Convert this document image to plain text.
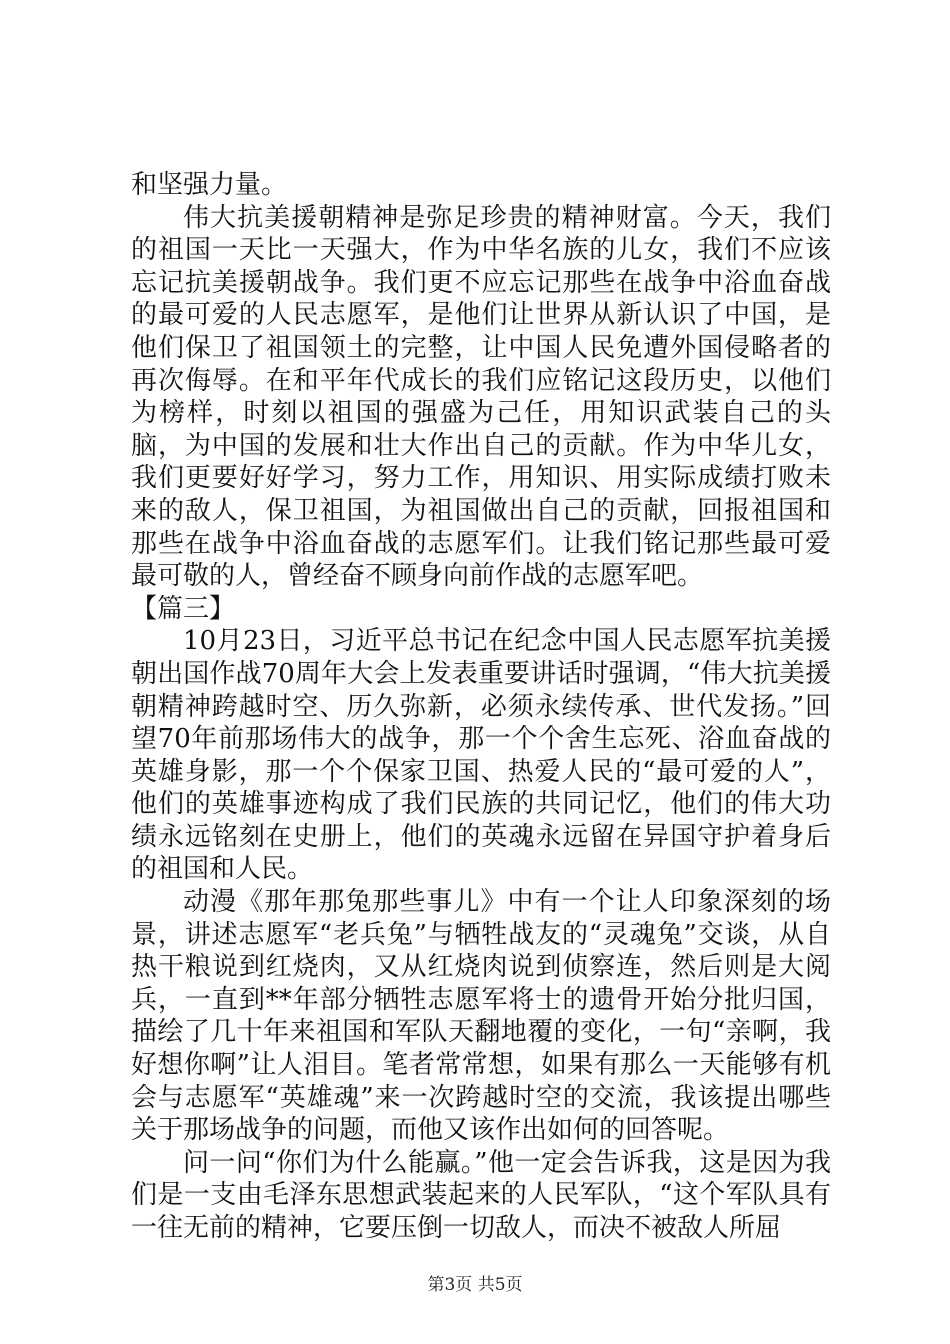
和坚强力量。

伟大抗美援朝精神是弥足珍贵的精神财富。今天，我们的祖国一天比一天强大，作为中华名族的儿女，我们不应该忘记抗美援朝战争。我们更不应忘记那些在战争中浴血奋战的最可爱的人民志愿军，是他们让世界从新认识了中国，是他们保卫了祖国领土的完整，让中国人民免遭外国侵略者的再次侮辱。在和平年代成长的我们应铭记这段历史，以他们为榜样，时刻以祖国的强盛为己任，用知识武装自己的头脑，为中国的发展和壮大作出自己的贡献。作为中华儿女，我们更要好好学习，努力工作，用知识、用实际成绩打败未来的敌人，保卫祖国，为祖国做出自己的贡献，回报祖国和那些在战争中浴血奋战的志愿军们。让我们铭记那些最可爱最可敬的人，曾经奋不顾身向前作战的志愿军吧。

【篇三】

10月23日，习近平总书记在纪念中国人民志愿军抗美援朝出国作战70周年大会上发表重要讲话时强调，“伟大抗美援朝精神跨越时空、历久弥新，必须永续传承、世代发扬。”回望70年前那场伟大的战争，那一个个舍生忘死、浴血奋战的英雄身影，那一个个保家卫国、热爱人民的“最可爱的人”，他们的英雄事迹构成了我们民族的共同记忆，他们的伟大功绩永远铭刻在史册上，他们的英魂永远留在异国守护着身后的祖国和人民。

动漫《那年那兔那些事儿》中有一个让人印象深刻的场景，讲述志愿军“老兵兔”与牺牲战友的“灵魂兔”交谈，从自热干粮说到红烧肉，又从红烧肉说到侦察连，然后则是大阅兵，一直到**年部分牺牲志愿军将士的遗骨开始分批归国，描绘了几十年来祖国和军队天翻地覆的变化，一句“亲啊，我好想你啊”让人泪目。笔者常常想，如果有那么一天能够有机会与志愿军“英雄魂”来一次跨越时空的交流，我该提出哪些关于那场战争的问题，而他又该作出如何的回答呢。

问一问“你们为什么能赢。”他一定会告诉我，这是因为我们是一支由毛泽东思想武装起来的人民军队，“这个军队具有一往无前的精神，它要压倒一切敌人，而决不被敌人所屈

第3页 共5页
